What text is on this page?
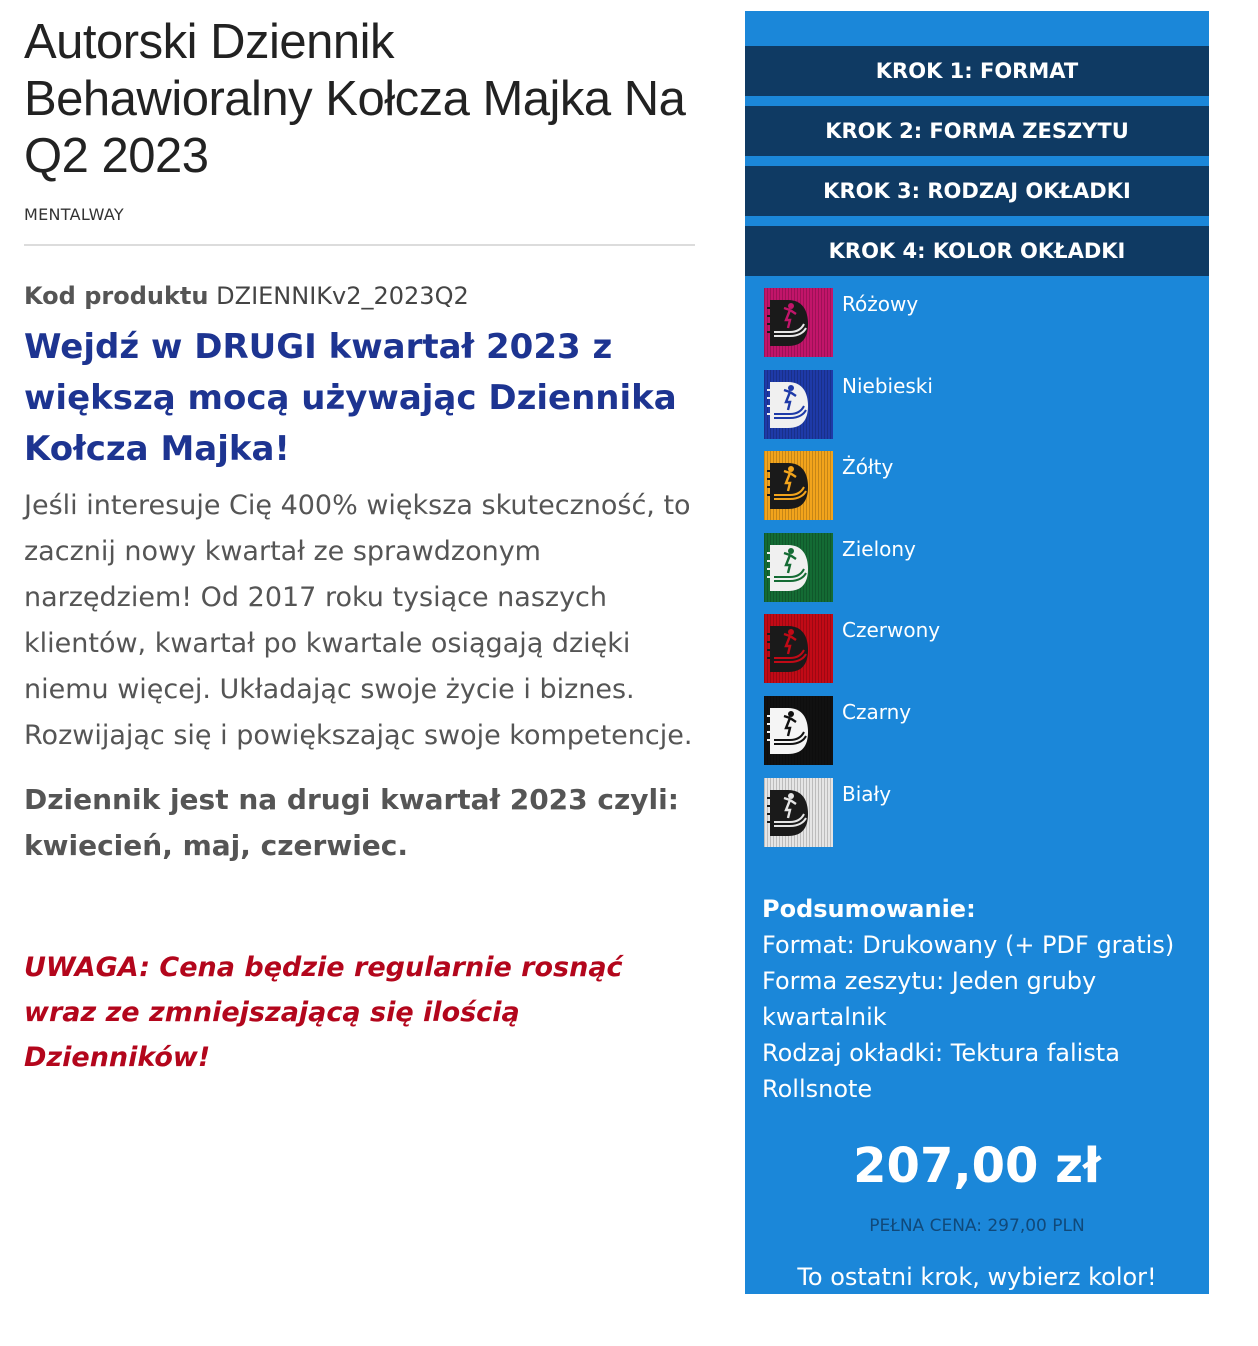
Autorski Dziennik Behawioralny Kołcza Majka Na Q2 2023
MENTALWAY
Kod produktu DZIENNIKv2_2023Q2
Wejdź w DRUGI kwartał 2023 z większą mocą używając Dziennika Kołcza Majka!
Jeśli interesuje Cię 400% większa skuteczność, to zacznij nowy kwartał ze sprawdzonym narzędziem! Od 2017 roku tysiące naszych klientów, kwartał po kwartale osiągają dzięki niemu więcej. Układając swoje życie i biznes. Rozwijając się i powiększając swoje kompetencje.
Dziennik jest na drugi kwartał 2023 czyli: kwiecień, maj, czerwiec.
UWAGA: Cena będzie regularnie rosnąć wraz ze zmniejszającą się ilością Dzienników!
KROK 1: FORMAT
KROK 2: FORMA ZESZYTU
KROK 3: RODZAJ OKŁADKI
KROK 4: KOLOR OKŁADKI
Różowy
Niebieski
Żółty
Zielony
Czerwony
Czarny
Biały
Podsumowanie:
Format: Drukowany (+ PDF gratis)
Forma zeszytu: Jeden gruby kwartalnik
Rodzaj okładki: Tektura falista Rollsnote
207,00 zł
PEŁNA CENA: 297,00 PLN
To ostatni krok, wybierz kolor!
